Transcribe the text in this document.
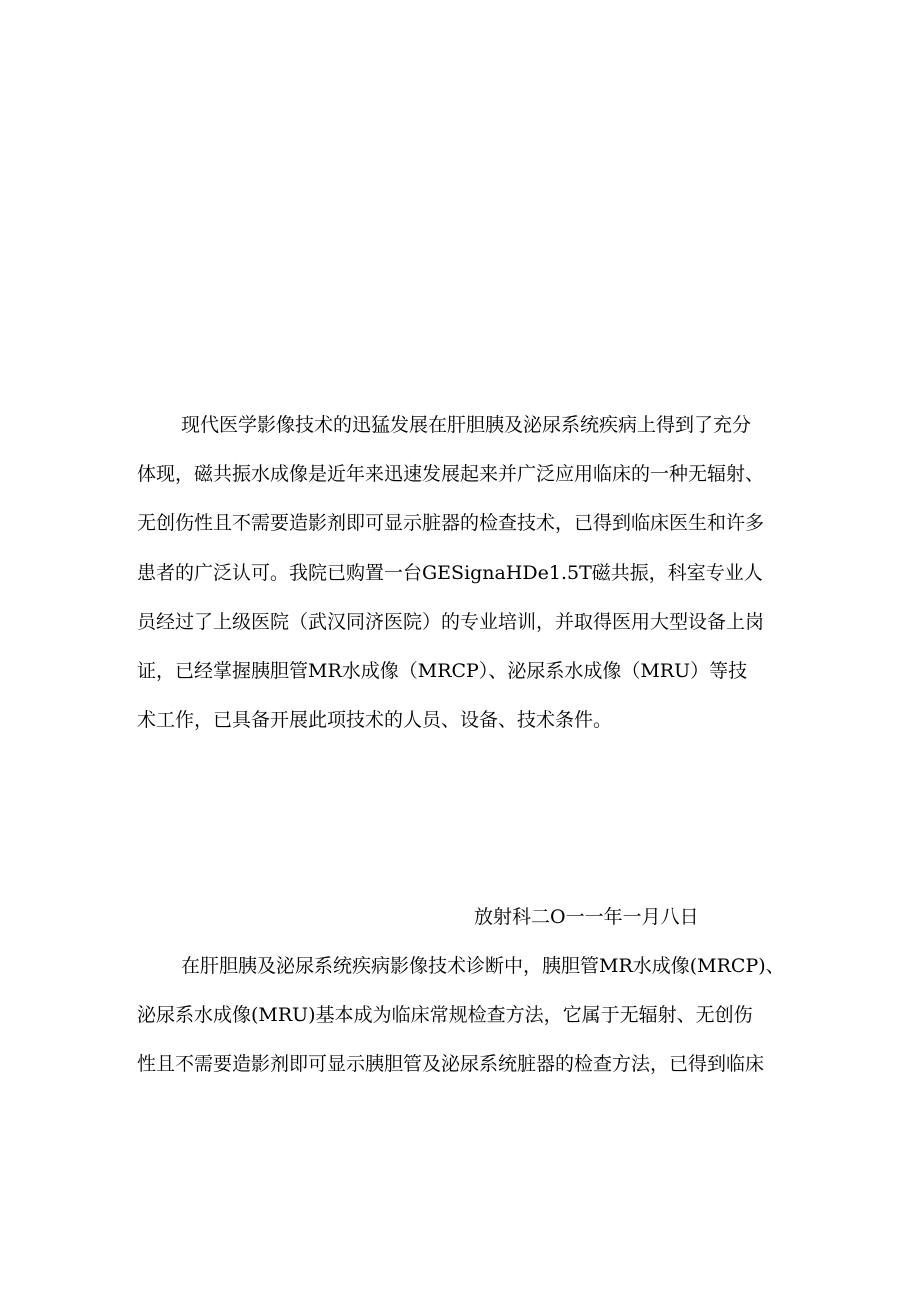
现代医学影像技术的迅猛发展在肝胆胰及泌尿系统疾病上得到了充分
体现，磁共振水成像是近年来迅速发展起来并广泛应用临床的一种无辐射、
无创伤性且不需要造影剂即可显示脏器的检查技术，已得到临床医生和许多
患者的广泛认可。我院已购置一台GESignaHDe1.5T磁共振，科室专业人
员经过了上级医院（武汉同济医院）的专业培训，并取得医用大型设备上岗
证，已经掌握胰胆管MR水成像（MRCP）、泌尿系水成像（MRU）等技
术工作，已具备开展此项技术的人员、设备、技术条件。
放射科二O一一年一月八日
在肝胆胰及泌尿系统疾病影像技术诊断中，胰胆管MR水成像(MRCP)、
泌尿系水成像(MRU)基本成为临床常规检查方法，它属于无辐射、无创伤
性且不需要造影剂即可显示胰胆管及泌尿系统脏器的检查方法，已得到临床
